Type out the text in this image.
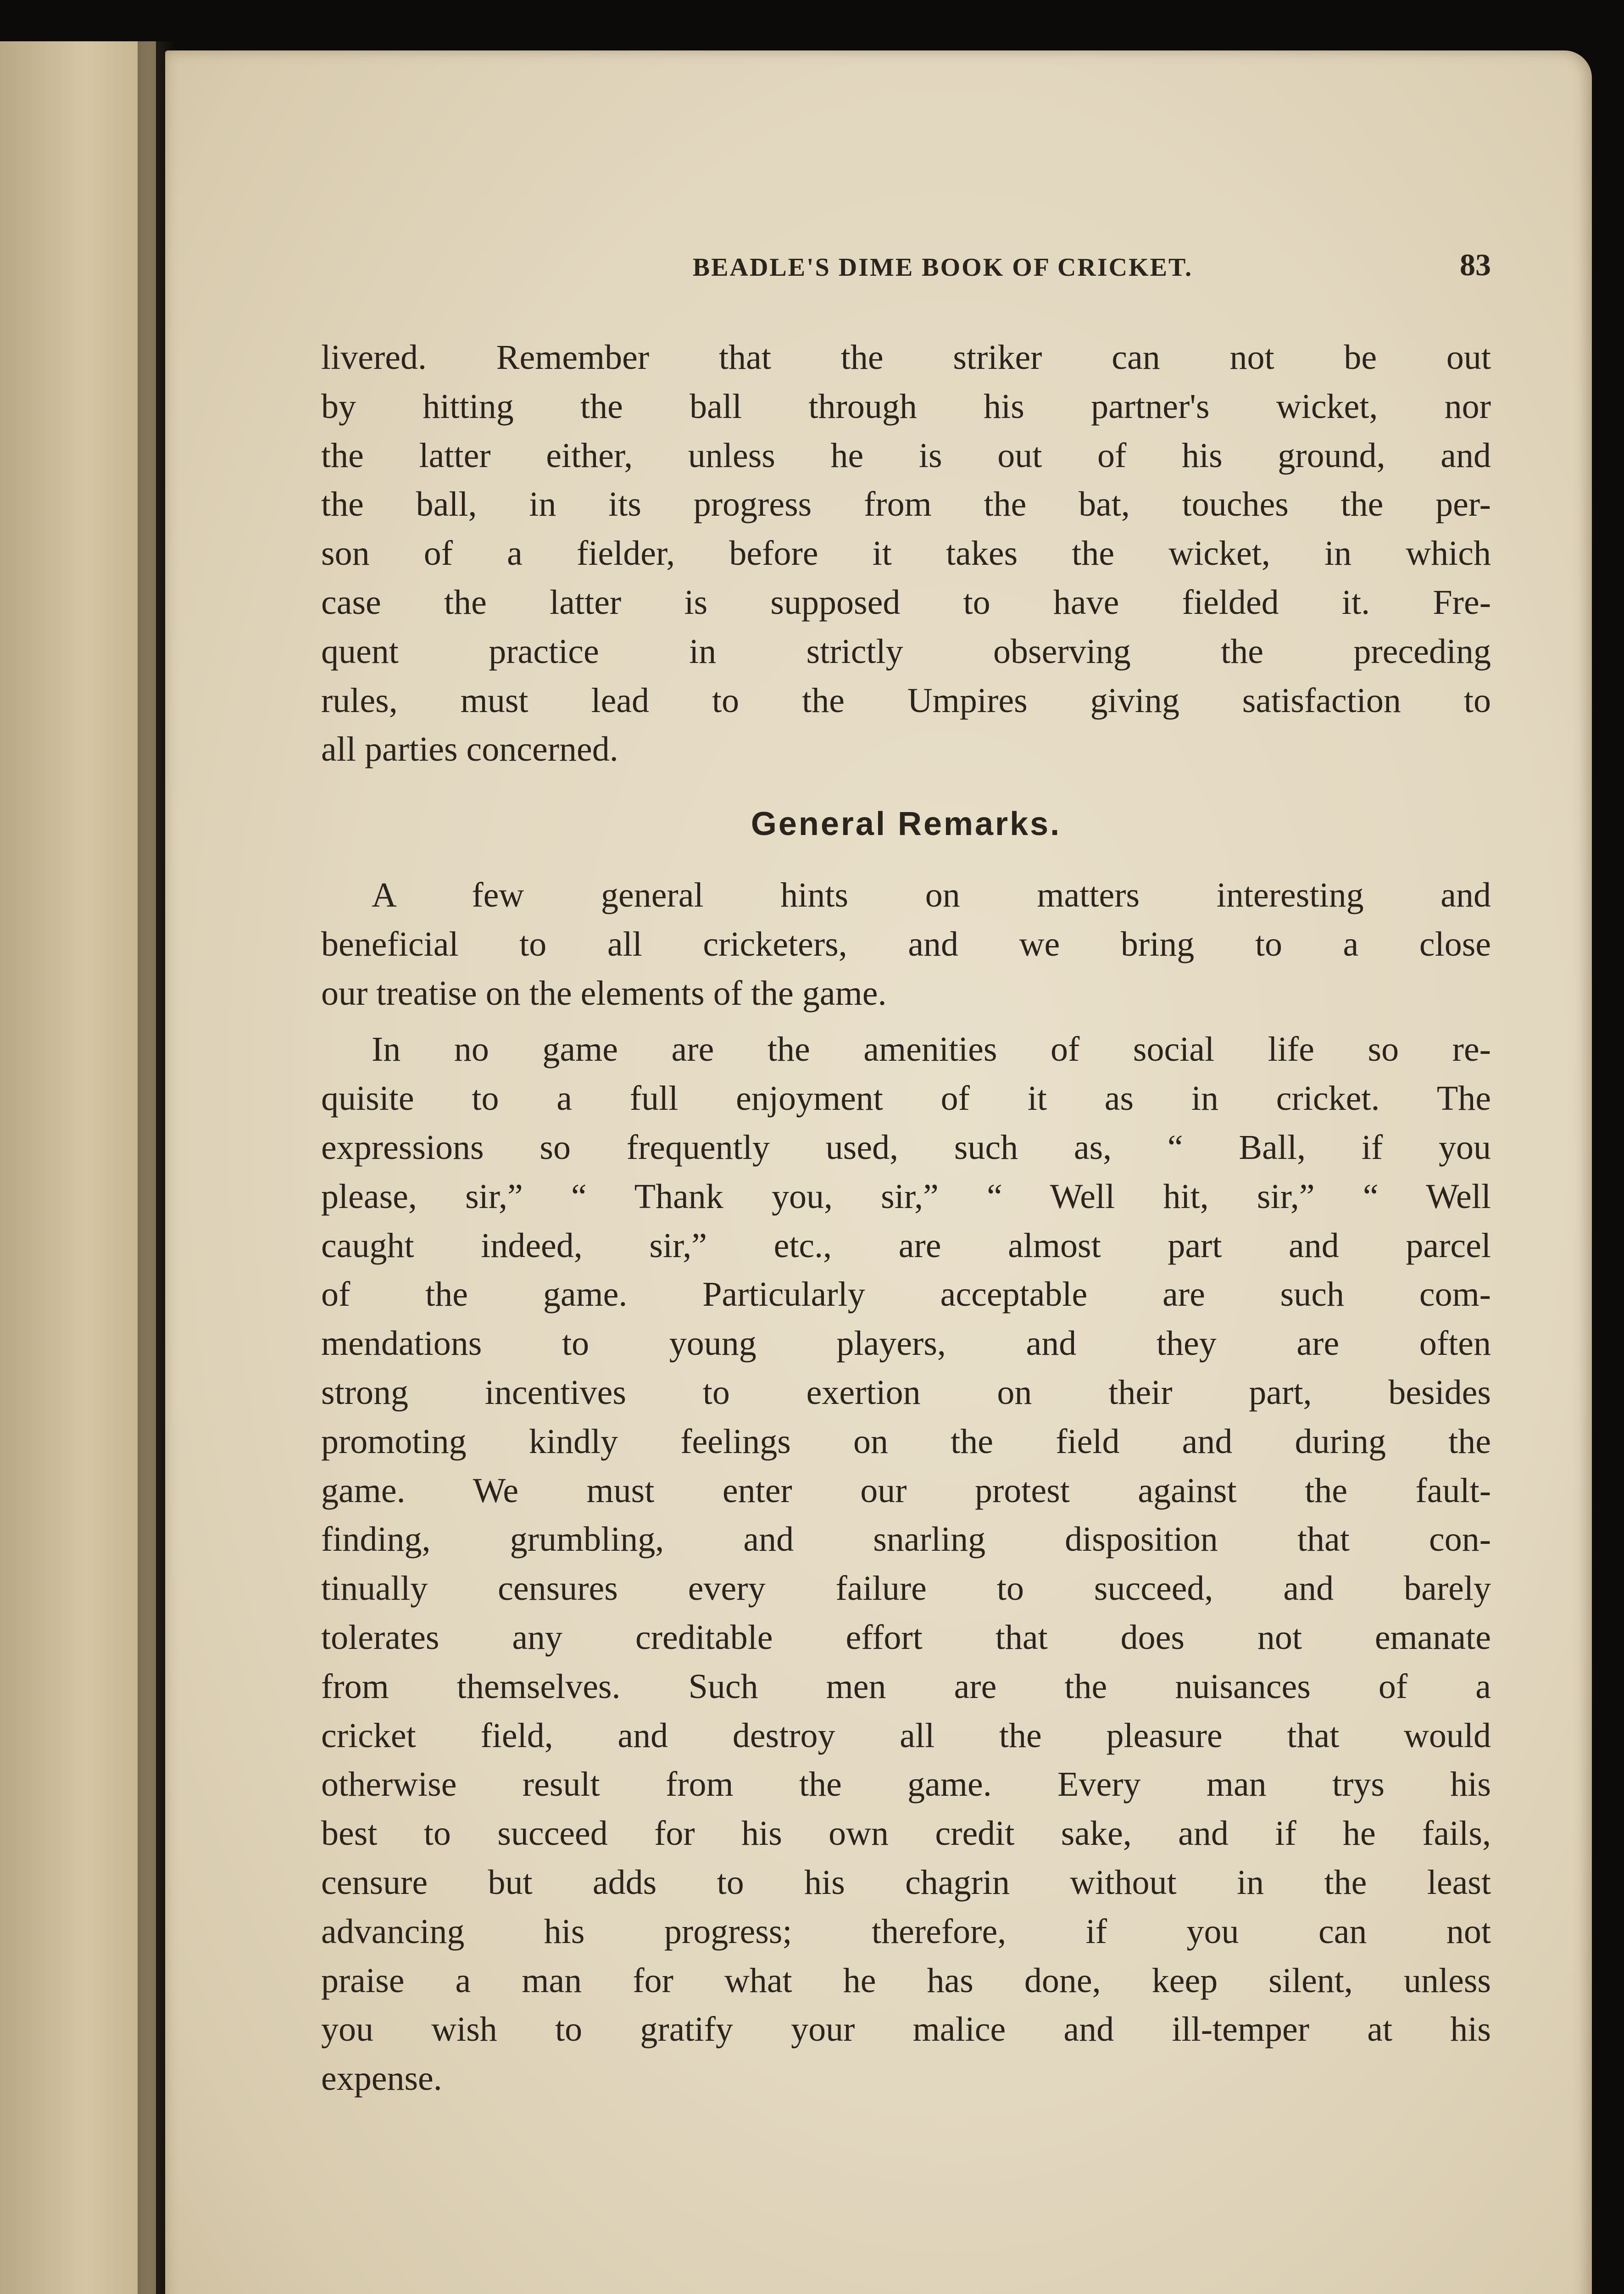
BEADLE'S DIME BOOK OF CRICKET.	83
livered. Remember that the striker can not be out
by hitting the ball through his partner's wicket, nor
the latter either, unless he is out of his ground, and
the ball, in its progress from the bat, touches the per-
son of a fielder, before it takes the wicket, in which
case the latter is supposed to have fielded it. Fre-
quent practice in strictly observing the preceding
rules, must lead to the Umpires giving satisfaction to
all parties concerned.
General Remarks.
A few general hints on matters interesting and
beneficial to all cricketers, and we bring to a close
our treatise on the elements of the game.
In no game are the amenities of social life so re-
quisite to a full enjoyment of it as in cricket. The
expressions so frequently used, such as, “ Ball, if you
please, sir,” “ Thank you, sir,” “ Well hit, sir,” “ Well
caught indeed, sir,” etc., are almost part and parcel
of the game. Particularly acceptable are such com-
mendations to young players, and they are often
strong incentives to exertion on their part, besides
promoting kindly feelings on the field and during the
game. We must enter our protest against the fault-
finding, grumbling, and snarling disposition that con-
tinually censures every failure to succeed, and barely
tolerates any creditable effort that does not emanate
from themselves. Such men are the nuisances of a
cricket field, and destroy all the pleasure that would
otherwise result from the game. Every man trys his
best to succeed for his own credit sake, and if he fails,
censure but adds to his chagrin without in the least
advancing his progress; therefore, if you can not
praise a man for what he has done, keep silent, unless
you wish to gratify your malice and ill-temper at his
expense.
